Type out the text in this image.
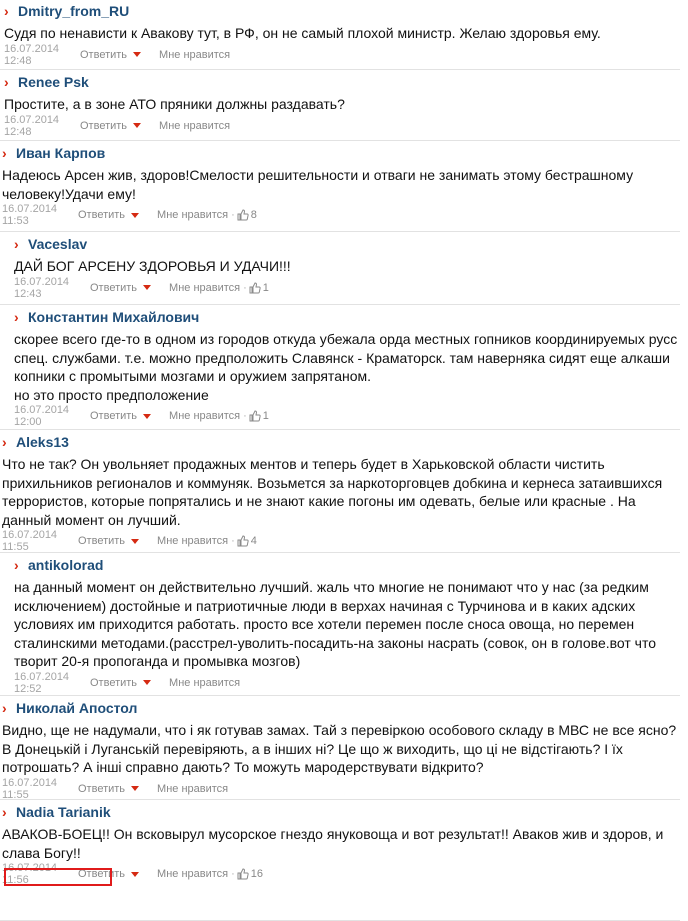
› Dmitry_from_RU
Судя по ненависти к Авакову тут, в РФ, он не самый плохой министр. Желаю здоровья ему.
16.07.2014 12:48	Ответить	Мне нравится
› Renee Psk
Простите, а в зоне АТО пряники должны раздавать?
16.07.2014 12:48	Ответить	Мне нравится
› Иван Карпов
Надеюсь Арсен жив, здоров!Смелости решительности и отваги не занимать этому бестрашному человеку!Удачи ему!
16.07.2014 11:53	Ответить	Мне нравится · 8
› Vaceslav
ДАЙ БОГ АРСЕНУ ЗДОРОВЬЯ И УДАЧИ!!!
16.07.2014 12:43	Ответить	Мне нравится · 1
› Константин Михайлович
скорее всего где-то в одном из городов откуда убежала орда местных гопников координируемых русс спец. службами. т.е. можно предположить Славянск - Краматорск. там наверняка сидят еще алкаши копники с промытыми мозгами и оружием запрятаном.
но это просто предположение
16.07.2014 12:00	Ответить	Мне нравится · 1
› Aleks13
Что не так? Он увольняет продажных ментов и теперь будет в Харьковской области чистить прихильников регионалов и коммуняк. Возьмется за наркоторговцев добкина и кернеса затаившихся террористов, которые попрятались и не знают какие погоны им одевать, белые или красные . На данный момент он лучший.
16.07.2014 11:55	Ответить	Мне нравится · 4
› antikolorad
на данный момент он действительно лучший. жаль что многие не понимают что у нас (за редким исключением) достойные и патриотичные люди в верхах начиная с Турчинова и в каких адских условиях им приходится работать. просто все хотели перемен после сноса овоща, но перемен сталинскими методами.(расстрел-уволить-посадить-на законы насрать (совок, он в голове.вот что творит 20-я пропоганда и промывка мозгов)
16.07.2014 12:52	Ответить	Мне нравится
› Николай Апостол
Видно, ще не надумали, что і як готував замах. Тай з перевіркою особового складу в МВС не все ясно? В Донецькій і Луганській перевіряють, а в інших ні? Це що ж виходить, що ці не відстігають? І їх потрошать? А інші справно дають? То можуть мародерствувати відкрито?
16.07.2014 11:55	Ответить	Мне нравится
› Nadia Tarianik
АВАКОВ-БОЕЦ!! Он всковырул мусорское гнездо януковоща и вот результат!! Аваков жив и здоров, и слава Богу!!
16.07.2014 11:56	Ответить	Мне нравится · 16
